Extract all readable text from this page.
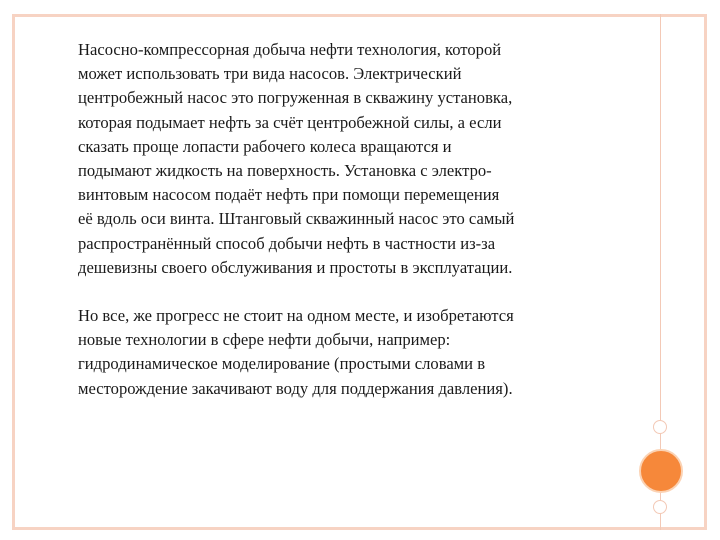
Насосно-компрессорная добыча нефти технология, которой
может использовать три вида насосов. Электрический
центробежный насос это погруженная в скважину установка,
которая подымает нефть за счёт центробежной силы, а если
сказать проще лопасти рабочего колеса вращаются и
подымают жидкость на поверхность. Установка с электро-
винтовым насосом подаёт нефть при помощи перемещения
её вдоль оси винта. Штанговый скважинный насос это самый
распространённый способ добычи нефть в частности из-за
дешевизны своего обслуживания и простоты в эксплуатации.

Но все, же прогресс не стоит на одном месте, и изобретаются
новые технологии в сфере нефти добычи, например:
гидродинамическое моделирование (простыми словами в
месторождение закачивают воду для поддержания давления).
